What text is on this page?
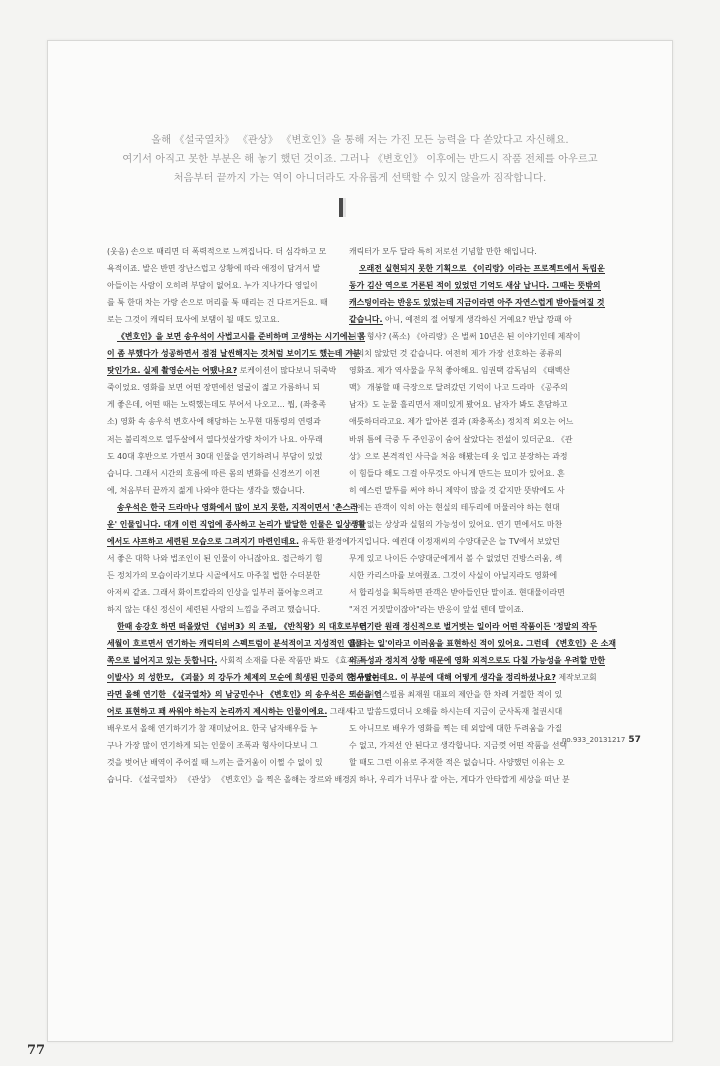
올해 《설국열차》 《관상》 《변호인》을 통해 저는 가진 모든 능력을 다 쏟았다고 자신해요.
여기서 아직고 못한 부분은 해 놓기 했던 것이죠. 그러나 《변호인》 이후에는 반드시 작품 전체를 아우르고
처음부터 끝까지 가는 역이 아니더라도 자유롭게 선택할 수 있지 않을까 짐작합니다.
(웃음) 손으로 때리면 더 폭력적으로 느껴집니다. 더 심각하고 모
욕적이죠. 발은 반면 장난스럽고 상황에 따라 애정이 담겨서 발
아들이는 사람이 오히려 부담이 없어요. 누가 지나가다 영일이
를 툭 한대 차는 가랑 손으로 머리를 툭 때리는 건 다르거든요. 때
로는 그것이 캐릭터 묘사에 보탬이 될 때도 있고요.
《변호인》을 보면 송우석이 사법고시를 준비하며 고생하는 시기에는 몸
이 좀 부했다가 성공하면서 점점 날씬해지는 것처럼 보이기도 했는데 기분
탓인가요. 실제 촬영순서는 어땠나요? 로케이션이 많다보니 뒤죽박
죽이었요. 영화를 보면 어떤 장면에선 얼굴이 젊고 가름하니 되
게 좋은데, 어떤 때는 노력했는데도 부어서 나오고… 뭡, (좌충족
소) 영화 속 송우석 변호사에 해당하는 노무현 대통령의 연령과
저는 불리적으로 열두살에서 열다섯살가량 차이가 나요. 아무래
도 40대 후반으로 가면서 30대 인물을 연기하려니 부담이 있었
습니다. 그래서 시간의 흐름에 따른 몸의 변화를 신경쓰기 이전
에, 처음부터 끝까지 젊게 나와야 한다는 생각을 했습니다.
송우석은 한국 드라마나 영화에서 많이 보지 못한, 지적이면서 '촌스러
운' 인물입니다. 대개 이런 직업에 종사하고 논리가 발달한 인물은 일상생활
에서도 샤프하고 세련된 모습으로 그려지기 마련인데요. 유독한 환경에
서 좋은 대학 나와 법조인이 된 인물이 아니잖아요. 접근하기 힘
든 정치가의 모습이라기보다 시골에서도 마주칠 법한 수더분한
아저씨 같죠. 그래서 화이트칼라의 인상을 일부러 풀어놓으려고
하지 않는 대신 정신이 세련된 사람의 느낌을 주려고 했습니다.
한때 송강호 하면 떠올랐던 《넘버3》의 조필, 《반칙왕》의 대호로부터
세월이 흐르면서 연기하는 캐릭터의 스펙트럼이 분석적이고 지성적인 인물
쪽으로 넓어지고 있는 듯합니다. 사회적 소재를 다룬 작품만 봐도 《효자동
이발사》의 성한모, 《괴물》의 강두가 체제의 모순에 희생된 민중의 한 사람이
라면 올해 연기한 《설국열차》의 남궁민수나 《변호인》의 송우석은 모순을 언
어로 표현하고 꽤 싸워야 하는지 논리까지 제시하는 인물이에요. 그래서
배우로서 올해 연기하기가 참 재미났어요. 한국 남자배우들 누
구나 가장 많이 연기하게 되는 인물이 조폭과 형사이다보니 그
것을 벗어난 배역이 주어질 때 느끼는 즐거움이 이쩔 수 없이 있
습니다. 《설국열차》 《관상》 《변호인》을 찍은 올해는 장르와 배경,
캐릭터가 모두 달라 특히 저로선 기념할 만한 해입니다.
오래전 실현되지 못한 기획으로 《이리랑》이라는 프로젝트에서 독립운
동가 김산 역으로 거론된 적이 있었던 기억도 새삼 납니다. 그때는 뜻밖의
캐스팅이라는 반응도 있었는데 지금이라면 아주 자연스럽게 받아들여질 것
같습니다. 아니, 예전의 절 어떻게 생각하신 거예요? 반납 깡패 아
니면 형사? (폭소) 《아리랑》은 벌써 10년은 된 이야기인데 제작이
여의치 않았던 것 같습니다. 여전히 제가 가장 선호하는 종류의
영화죠. 제가 역사물을 무척 좋아해요. 임권택 감독님의 《태백산
맥》 개봉할 때 극장으로 달려갔던 기억이 나고 드라마 《공주의
남자》도 눈물 흘리면서 재미있게 봤어요. 남자가 봐도 흔담하고
애틋하더라고요. 제가 알아본 결과 (좌충폭소) 정치적 외오는 어느
바위 틈에 극중 두 주인공이 숨어 살았다는 전설이 있더군요. 《관
상》으로 본격적인 사극을 처음 해봤는데 옷 입고 분장하는 과정
이 힘들다 해도 그걸 아무것도 아니게 만드는 묘미가 있어요. 흔
히 예스런 말투를 써야 하니 제약이 많을 것 같지만 뜻밖에도 사
극에는 관객이 익히 아는 현실의 테두리에 머물러야 하는 현대
극에 없는 상상과 실험의 가능성이 있어요. 연기 면에서도 마찬
가지입니다. 예컨대 이정재씨의 수양대군은 늘 TV에서 보았던
무게 있고 나이든 수양대군에게서 볼 수 없었던 건방스러움, 섹
시한 카리스마를 보여줬죠. 그것이 사실이 아닐지라도 영화에
서 합리성을 획득하면 관객은 받아들인단 말이죠. 현대물이라면
"저건 거짓말이잖아"라는 반응이 앞설 텐데 말이죠.
연기란 원래 정신적으로 벌거벗는 일이라 어떤 작품이든 '정말의 작두
를 타는 일'이라고 이러움을 표현하신 적이 있어요. 그런데 《변호인》은 소재
의 특성과 정치적 상황 때문에 영화 외적으로도 다칠 가능성을 우려할 만한
경우였는데요. 이 부분에 대해 어떻게 생각을 정리하셨나요? 제작보고회
에서 위더스필름 최재원 대표의 제안을 한 차례 거절한 적이 있
다고 말씀드렸더니 오해를 하시는데 지금이 군사독재 철권시대
도 아니므로 배우가 영화를 찍는 데 외압에 대한 두려움을 가질
수 없고, 가져선 안 된다고 생각합니다. 지금껏 어떤 작품을 선택
할 때도 그런 이유로 주저한 적은 없습니다. 사양했던 이유는 오
직 하나, 우리가 너무나 잘 아는, 게다가 안타깝게 세상을 떠난 분
no.933_20131217 57
77
